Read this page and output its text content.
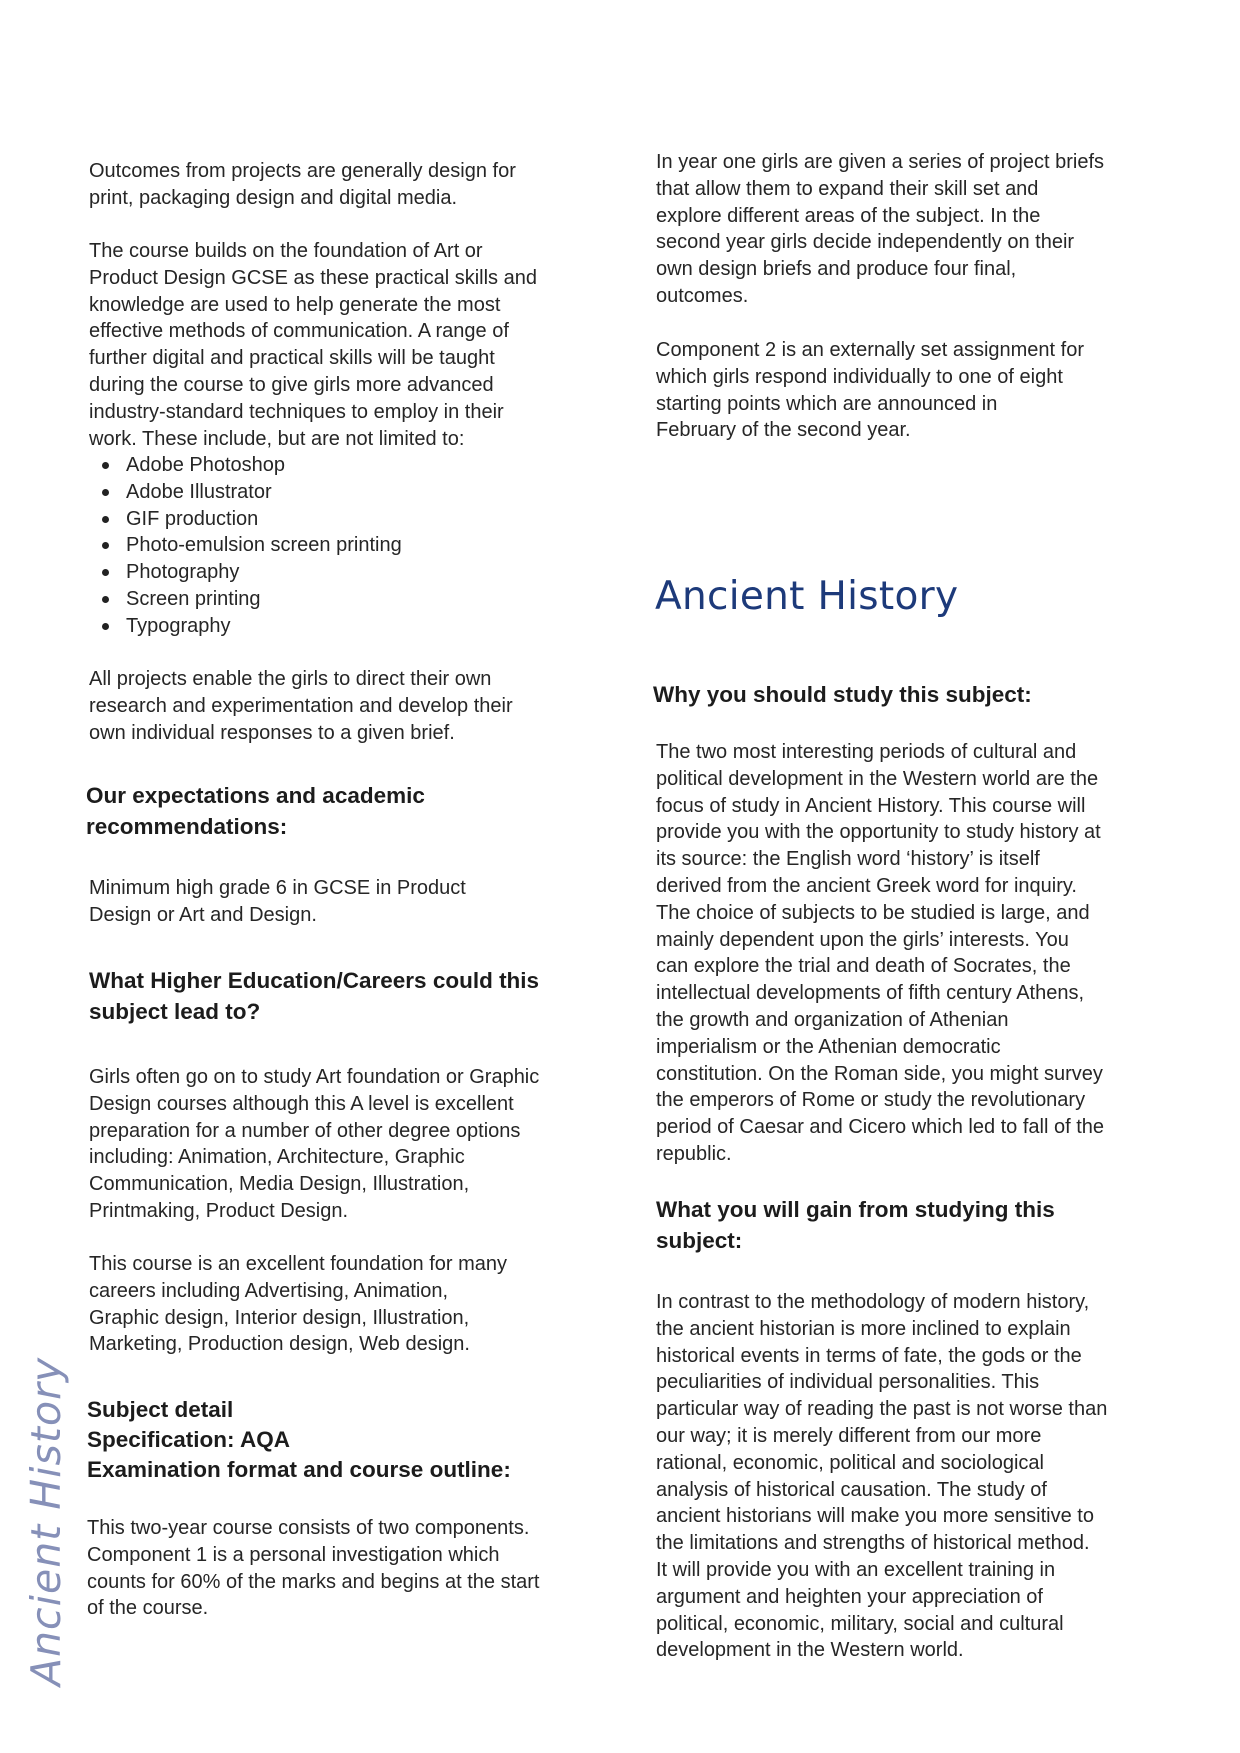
Ancient History
Outcomes from projects are generally design for
print, packaging design and digital media.
The course builds on the foundation of Art or
Product Design GCSE as these practical skills and
knowledge are used to help generate the most
effective methods of communication. A range of
further digital and practical skills will be taught
during the course to give girls more advanced
industry-standard techniques to employ in their
work. These include, but are not limited to:
Adobe Photoshop
Adobe Illustrator
GIF production
Photo-emulsion screen printing
Photography
Screen printing
Typography
All projects enable the girls to direct their own
research and experimentation and develop their
own individual responses to a given brief.
Our expectations and academic
recommendations:
Minimum high grade 6 in GCSE in Product
Design or Art and Design.
What Higher Education/Careers could this
subject lead to?
Girls often go on to study Art foundation or Graphic
Design courses although this A level is excellent
preparation for a number of other degree options
including: Animation, Architecture, Graphic
Communication, Media Design, Illustration,
Printmaking, Product Design.
This course is an excellent foundation for many
careers including Advertising, Animation,
Graphic design, Interior design, Illustration,
Marketing, Production design, Web design.
Subject detail
Specification: AQA
Examination format and course outline:
This two-year course consists of two components.
Component 1 is a personal investigation which
counts for 60% of the marks and begins at the start
of the course.
In year one girls are given a series of project briefs
that allow them to expand their skill set and
explore different areas of the subject. In the
second year girls decide independently on their
own design briefs and produce four final,
outcomes.
Component 2 is an externally set assignment for
which girls respond individually to one of eight
starting points which are announced in
February of the second year.
Ancient History
Why you should study this subject:
The two most interesting periods of cultural and
political development in the Western world are the
focus of study in Ancient History. This course will
provide you with the opportunity to study history at
its source: the English word ‘history’ is itself
derived from the ancient Greek word for inquiry.
The choice of subjects to be studied is large, and
mainly dependent upon the girls’ interests. You
can explore the trial and death of Socrates, the
intellectual developments of fifth century Athens,
the growth and organization of Athenian
imperialism or the Athenian democratic
constitution. On the Roman side, you might survey
the emperors of Rome or study the revolutionary
period of Caesar and Cicero which led to fall of the
republic.
What you will gain from studying this
subject:
In contrast to the methodology of modern history,
the ancient historian is more inclined to explain
historical events in terms of fate, the gods or the
peculiarities of individual personalities. This
particular way of reading the past is not worse than
our way; it is merely different from our more
rational, economic, political and sociological
analysis of historical causation. The study of
ancient historians will make you more sensitive to
the limitations and strengths of historical method.
It will provide you with an excellent training in
argument and heighten your appreciation of
political, economic, military, social and cultural
development in the Western world.
